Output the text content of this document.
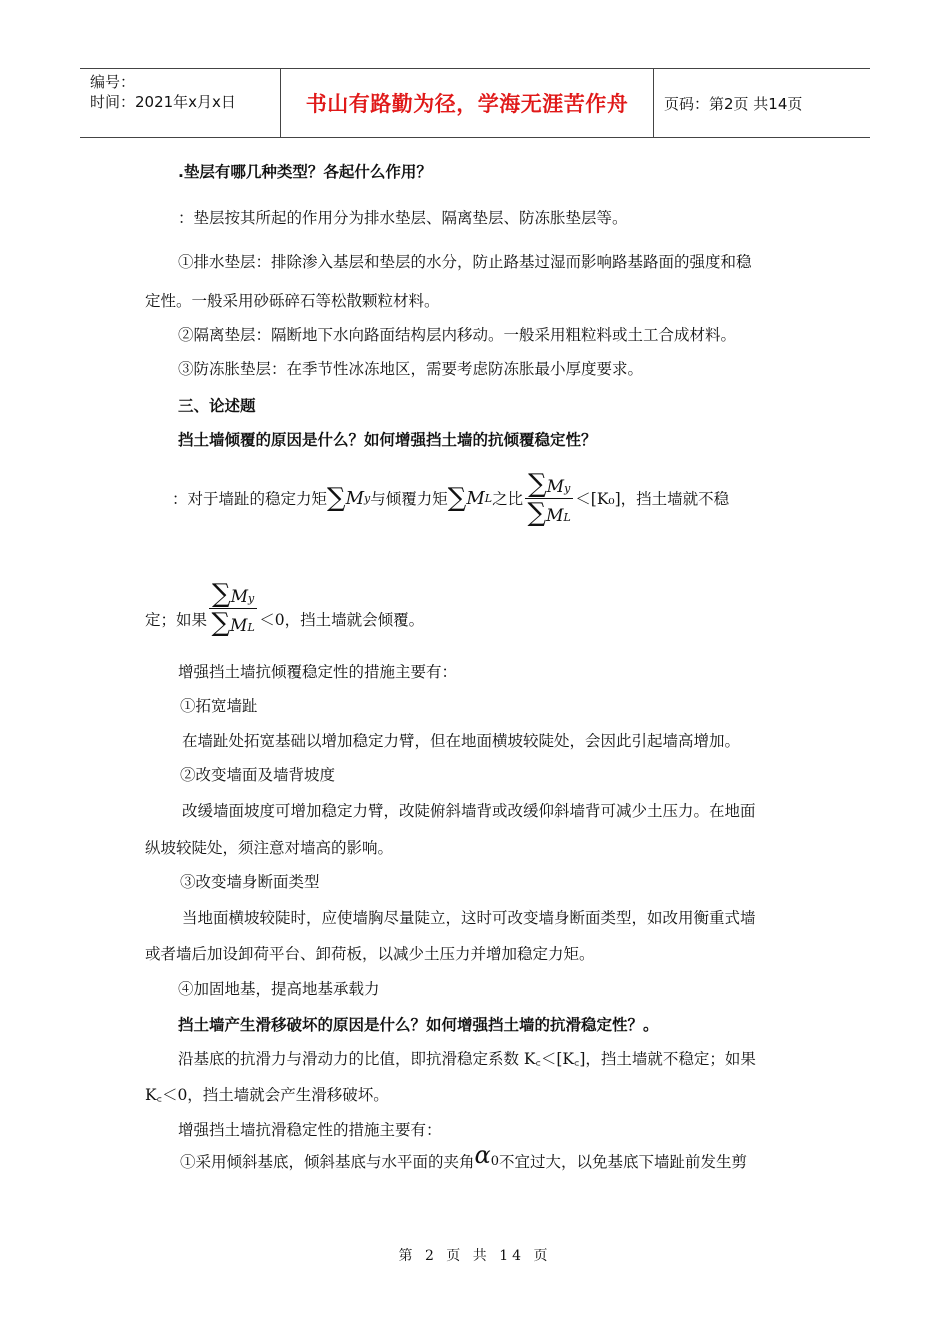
编号：
时间：2021年x月x日	书山有路勤为径，学海无涯苦作舟 页码：第2页 共14页
.垫层有哪几种类型？各起什么作用？
：垫层按其所起的作用分为排水垫层、隔离垫层、防冻胀垫层等。
①排水垫层：排除渗入基层和垫层的水分，防止路基过湿而影响路基路面的强度和稳
定性。一般采用砂砾碎石等松散颗粒材料。
②隔离垫层：隔断地下水向路面结构层内移动。一般采用粗粒料或土工合成材料。
③防冻胀垫层：在季节性冰冻地区，需要考虑防冻胀最小厚度要求。
三、论述题
挡土墙倾覆的原因是什么？如何增强挡土墙的抗倾覆稳定性？
：对于墙趾的稳定力矩 ∑ M y 与倾覆力矩 ∑ M L 之比 $\frac{\sum My}{\sum ML} <[K_0]$，挡土墙就不稳
定；如果 $\frac{\sum My}{\sum ML} <0$，挡土墙就会倾覆。
增强挡土墙抗倾覆稳定性的措施主要有：
①拓宽墙趾
在墙趾处拓宽基础以增加稳定力臂，但在地面横坡较陡处，会因此引起墙高增加。
②改变墙面及墙背坡度
改缓墙面坡度可增加稳定力臂，改陡俯斜墙背或改缓仰斜墙背可减少土压力。在地面
纵坡较陡处，须注意对墙高的影响。
③改变墙身断面类型
当地面横坡较陡时，应使墙胸尽量陡立，这时可改变墙身断面类型，如改用衡重式墙
或者墙后加设卸荷平台、卸荷板，以减少土压力并增加稳定力矩。
④加固地基，提高地基承载力
挡土墙产生滑移破坏的原因是什么？如何增强挡土墙的抗滑稳定性？。
沿基底的抗滑力与滑动力的比值，即抗滑稳定系数 K꜀＜[K꜀]，挡土墙就不稳定；如果
K꜀＜0，挡土墙就会产生滑移破坏。
增强挡土墙抗滑稳定性的措施主要有：
①采用倾斜基底，倾斜基底与水平面的夹角 α 0 不宜过大，以免基底下墙趾前发生剪
第 2 页 共 14 页
